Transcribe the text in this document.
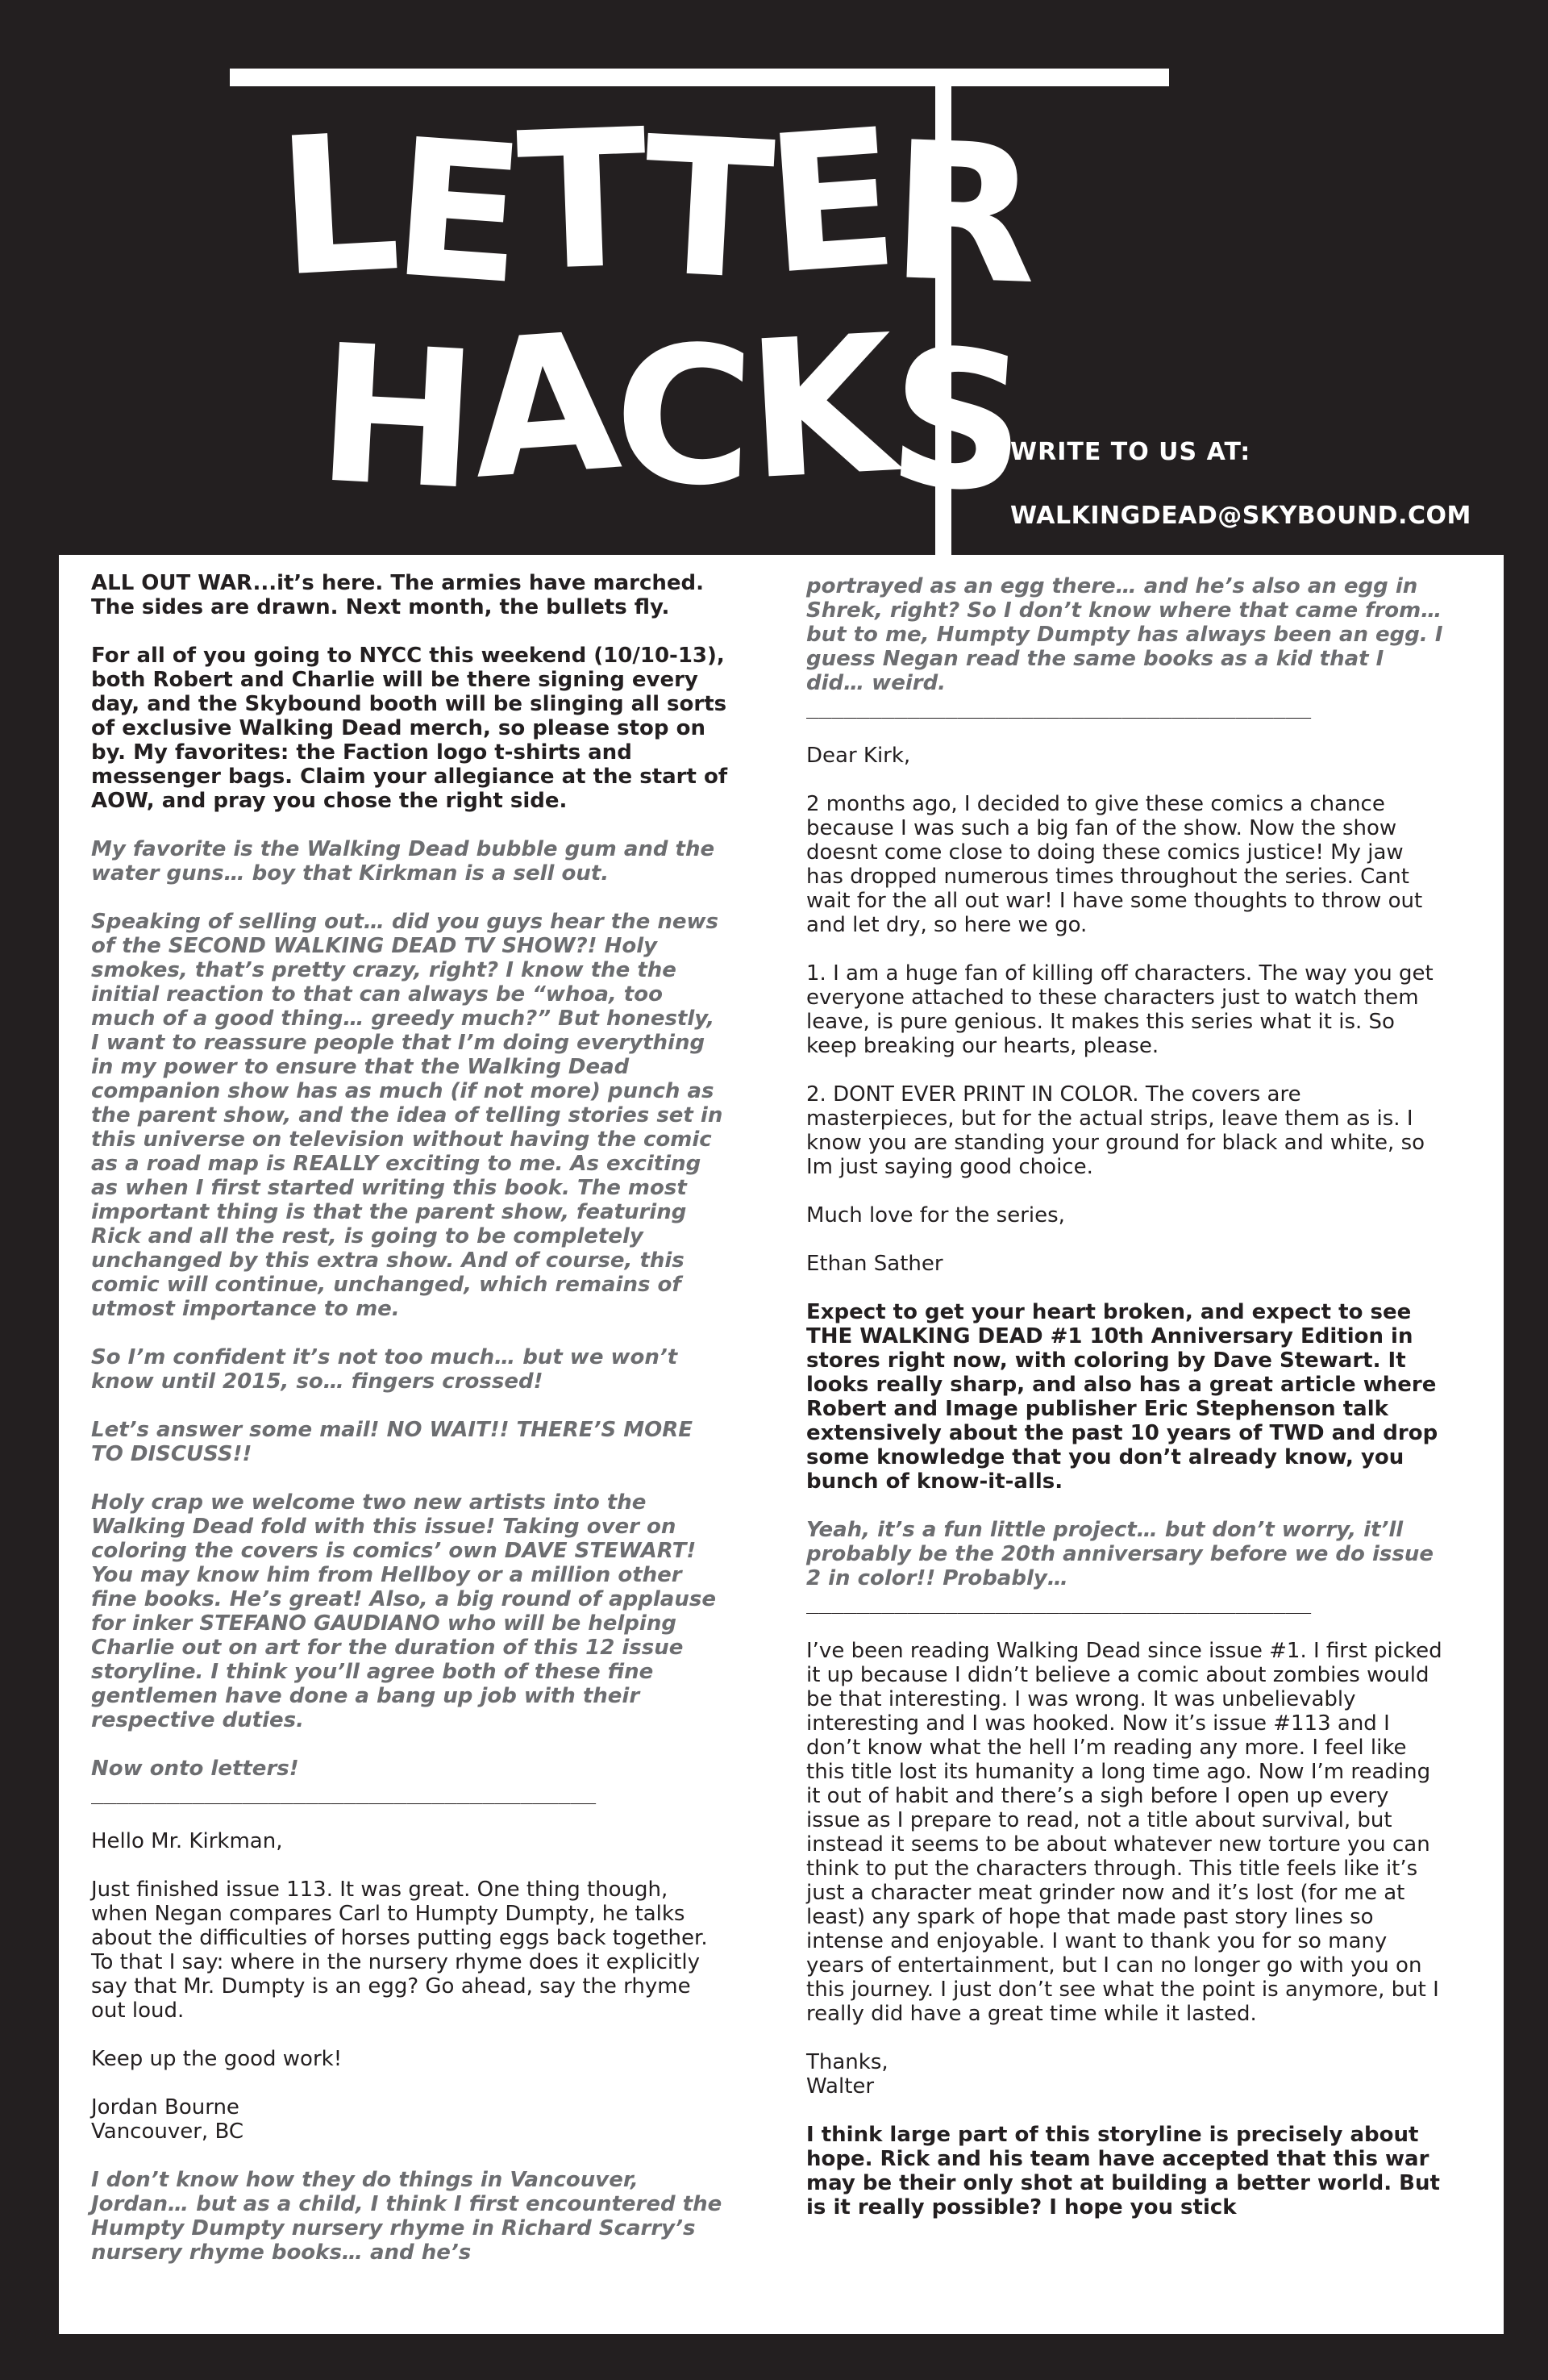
LETTER
HACKS
WRITE TO US AT:
WALKINGDEAD@SKYBOUND.COM

ALL OUT WAR...it’s here. The armies have marched. The sides are drawn. Next month, the bullets fly.

For all of you going to NYCC this weekend (10/10-13), both Robert and Charlie will be there signing every day, and the Skybound booth will be slinging all sorts of exclusive Walking Dead merch, so please stop on by. My favorites: the Faction logo t-shirts and messenger bags. Claim your allegiance at the start of AOW, and pray you chose the right side.

My favorite is the Walking Dead bubble gum and the water guns… boy that Kirkman is a sell out.

Speaking of selling out… did you guys hear the news of the SECOND WALKING DEAD TV SHOW?! Holy smokes, that’s pretty crazy, right? I know the the initial reaction to that can always be “whoa, too much of a good thing… greedy much?” But honestly, I want to reassure people that I’m doing everything in my power to ensure that the Walking Dead companion show has as much (if not more) punch as the parent show, and the idea of telling stories set in this universe on television without having the comic as a road map is REALLY exciting to me. As exciting as when I first started writing this book. The most important thing is that the parent show, featuring Rick and all the rest, is going to be completely unchanged by this extra show. And of course, this comic will continue, unchanged, which remains of utmost importance to me.

So I’m confident it’s not too much… but we won’t know until 2015, so… fingers crossed!

Let’s answer some mail! NO WAIT!! THERE’S MORE TO DISCUSS!!

Holy crap we welcome two new artists into the Walking Dead fold with this issue! Taking over on coloring the covers is comics’ own DAVE STEWART! You may know him from Hellboy or a million other fine books. He’s great! Also, a big round of applause for inker STEFANO GAUDIANO who will be helping Charlie out on art for the duration of this 12 issue storyline. I think you’ll agree both of these fine gentlemen have done a bang up job with their respective duties.

Now onto letters!

________________________________________

Hello Mr. Kirkman,

Just finished issue 113. It was great. One thing though, when Negan compares Carl to Humpty Dumpty, he talks about the difficulties of horses putting eggs back together. To that I say: where in the nursery rhyme does it explicitly say that Mr. Dumpty is an egg? Go ahead, say the rhyme out loud.

Keep up the good work!

Jordan Bourne
Vancouver, BC

I don’t know how they do things in Vancouver, Jordan… but as a child, I think I first encountered the Humpty Dumpty nursery rhyme in Richard Scarry’s nursery rhyme books… and he’s

portrayed as an egg there… and he’s also an egg in Shrek, right? So I don’t know where that came from… but to me, Humpty Dumpty has always been an egg. I guess Negan read the same books as a kid that I did… weird.

________________________________________

Dear Kirk,

2 months ago, I decided to give these comics a chance because I was such a big fan of the show. Now the show doesnt come close to doing these comics justice! My jaw has dropped numerous times throughout the series. Cant wait for the all out war! I have some thoughts to throw out and let dry, so here we go.

1. I am a huge fan of killing off characters. The way you get everyone attached to these characters just to watch them leave, is pure genious. It makes this series what it is. So keep breaking our hearts, please.

2. DONT EVER PRINT IN COLOR. The covers are masterpieces, but for the actual strips, leave them as is. I know you are standing your ground for black and white, so Im just saying good choice.

Much love for the series,

Ethan Sather

Expect to get your heart broken, and expect to see THE WALKING DEAD #1 10th Anniversary Edition in stores right now, with coloring by Dave Stewart. It looks really sharp, and also has a great article where Robert and Image publisher Eric Stephenson talk extensively about the past 10 years of TWD and drop some knowledge that you don’t already know, you bunch of know-it-alls.

Yeah, it’s a fun little project… but don’t worry, it’ll probably be the 20th anniversary before we do issue 2 in color!! Probably…

________________________________________

I’ve been reading Walking Dead since issue #1. I first picked it up because I didn’t believe a comic about zombies would be that interesting. I was wrong. It was unbelievably interesting and I was hooked. Now it’s issue #113 and I don’t know what the hell I’m reading any more. I feel like this title lost its humanity a long time ago. Now I’m reading it out of habit and there’s a sigh before I open up every issue as I prepare to read, not a title about survival, but instead it seems to be about whatever new torture you can think to put the characters through. This title feels like it’s just a character meat grinder now and it’s lost (for me at least) any spark of hope that made past story lines so intense and enjoyable. I want to thank you for so many years of entertainment, but I can no longer go with you on this journey. I just don’t see what the point is anymore, but I really did have a great time while it lasted.

Thanks,
Walter

I think large part of this storyline is precisely about hope. Rick and his team have accepted that this war may be their only shot at building a better world. But is it really possible? I hope you stick
